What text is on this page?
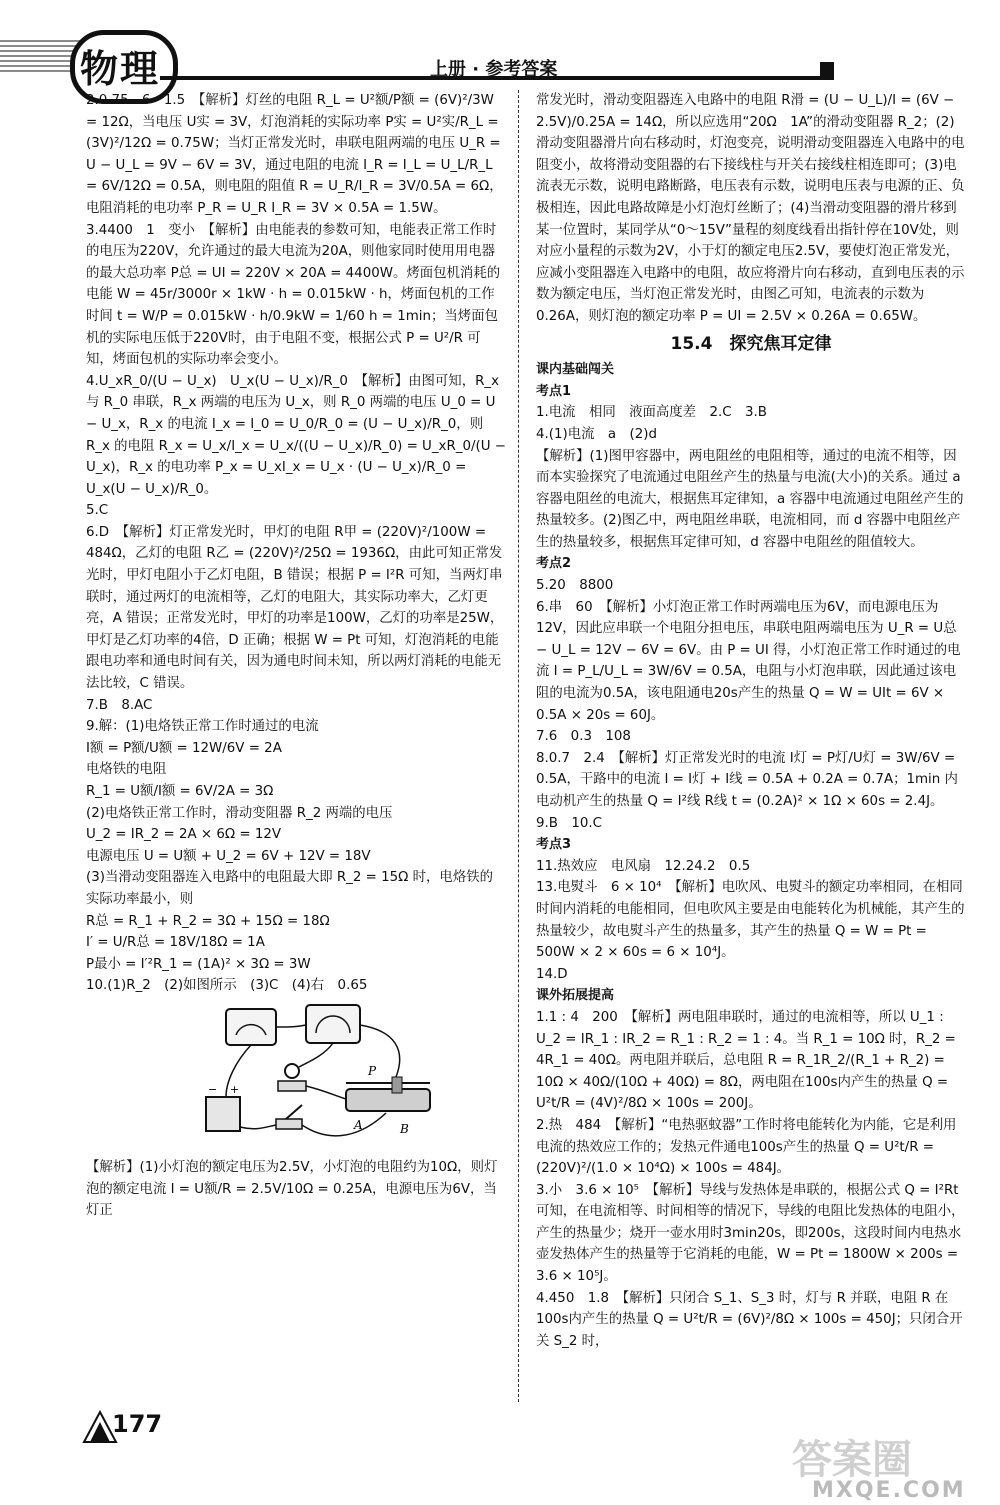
物理	上册 · 参考答案

2.0.75　6　1.5　【解析】灯丝的电阻 R_L = U²额/P额 = (6V)²/3W = 12Ω，当电压 U实 = 3V，灯泡消耗的实际功率 P实 = U²实/R_L = (3V)²/12Ω = 0.75W；当灯正常发光时，串联电阻两端的电压 U_R = U − U_L = 9V − 6V = 3V，通过电阻的电流 I_R = I_L = U_L/R_L = 6V/12Ω = 0.5A，则电阻的阻值 R = U_R/I_R = 3V/0.5A = 6Ω，电阻消耗的电功率 P_R = U_R I_R = 3V × 0.5A = 1.5W。

3.4400　1　变小　【解析】由电能表的参数可知，电能表正常工作时的电压为220V，允许通过的最大电流为20A，则他家同时使用用电器的最大总功率 P总 = UI = 220V × 20A = 4400W。烤面包机消耗的电能 W = 45r/3000r × 1kW · h = 0.015kW · h，烤面包机的工作时间 t = W/P = 0.015kW · h/0.9kW = 1/60 h = 1min；当烤面包机的实际电压低于220V时，由于电阻不变，根据公式 P = U²/R 可知，烤面包机的实际功率会变小。

4.U_xR_0/(U − U_x)　U_x(U − U_x)/R_0　【解析】由图可知，R_x 与 R_0 串联，R_x 两端的电压为 U_x，则 R_0 两端的电压 U_0 = U − U_x，R_x 的电流 I_x = I_0 = U_0/R_0 = (U − U_x)/R_0，则 R_x 的电阻 R_x = U_x/I_x = U_x/((U − U_x)/R_0) = U_xR_0/(U − U_x)，R_x 的电功率 P_x = U_xI_x = U_x · (U − U_x)/R_0 = U_x(U − U_x)/R_0。

5.C

6.D　【解析】灯正常发光时，甲灯的电阻 R甲 = (220V)²/100W = 484Ω，乙灯的电阻 R乙 = (220V)²/25Ω = 1936Ω，由此可知正常发光时，甲灯电阻小于乙灯电阻，B 错误；根据 P = I²R 可知，当两灯串联时，通过两灯的电流相等，乙灯的电阻大，其实际功率大，乙灯更亮，A 错误；正常发光时，甲灯的功率是100W，乙灯的功率是25W，甲灯是乙灯功率的4倍，D 正确；根据 W = Pt 可知，灯泡消耗的电能跟电功率和通电时间有关，因为通电时间未知，所以两灯消耗的电能无法比较，C 错误。

7.B　8.AC

9.解：(1)电烙铁正常工作时通过的电流

I额 = P额/U额 = 12W/6V = 2A

电烙铁的电阻

R_1 = U额/I额 = 6V/2A = 3Ω

(2)电烙铁正常工作时，滑动变阻器 R_2 两端的电压

U_2 = IR_2 = 2A × 6Ω = 12V

电源电压 U = U额 + U_2 = 6V + 12V = 18V

(3)当滑动变阻器连入电路中的电阻最大即 R_2 = 15Ω 时，电烙铁的实际功率最小，则

R总 = R_1 + R_2 = 3Ω + 15Ω = 18Ω

I′ = U/R总 = 18V/18Ω = 1A

P最小 = I′²R_1 = (1A)² × 3Ω = 3W

10.(1)R_2　(2)如图所示　(3)C　(4)右　0.65

− +
P
A	B

【解析】(1)小灯泡的额定电压为2.5V，小灯泡的电阻约为10Ω，则灯泡的额定电流 I = U额/R = 2.5V/10Ω = 0.25A，电源电压为6V，当灯正

常发光时，滑动变阻器连入电路中的电阻 R滑 = (U − U_L)/I = (6V − 2.5V)/0.25A = 14Ω，所以应选用“20Ω　1A”的滑动变阻器 R_2；(2)滑动变阻器滑片向右移动时，灯泡变亮，说明滑动变阻器连入电路中的电阻变小，故将滑动变阻器的右下接线柱与开关右接线柱相连即可；(3)电流表无示数，说明电路断路，电压表有示数，说明电压表与电源的正、负极相连，因此电路故障是小灯泡灯丝断了；(4)当滑动变阻器的滑片移到某一位置时，某同学从“0～15V”量程的刻度线看出指针停在10V处，则对应小量程的示数为2V，小于灯的额定电压2.5V，要使灯泡正常发光，应减小变阻器连入电路中的电阻，故应将滑片向右移动，直到电压表的示数为额定电压，当灯泡正常发光时，由图乙可知，电流表的示数为0.26A，则灯泡的额定功率 P = UI = 2.5V × 0.26A = 0.65W。

15.4　探究焦耳定律
课内基础闯关
考点1

1.电流　相同　液面高度差　2.C　3.B

4.(1)电流　a　(2)d

【解析】(1)图甲容器中，两电阻丝的电阻相等，通过的电流不相等，因而本实验探究了电流通过电阻丝产生的热量与电流(大小)的关系。通过 a 容器电阻丝的电流大，根据焦耳定律知，a 容器中电流通过电阻丝产生的热量较多。(2)图乙中，两电阻丝串联，电流相同，而 d 容器中电阻丝产生的热量较多，根据焦耳定律可知，d 容器中电阻丝的阻值较大。

考点2

5.20　8800

6.串　60　【解析】小灯泡正常工作时两端电压为6V，而电源电压为12V，因此应串联一个电阻分担电压，串联电阻两端电压为 U_R = U总 − U_L = 12V − 6V = 6V。由 P = UI 得，小灯泡正常工作时通过的电流 I = P_L/U_L = 3W/6V = 0.5A，电阻与小灯泡串联，因此通过该电阻的电流为0.5A，该电阻通电20s产生的热量 Q = W = UIt = 6V × 0.5A × 20s = 60J。

7.6　0.3　108

8.0.7　2.4　【解析】灯正常发光时的电流 I灯 = P灯/U灯 = 3W/6V = 0.5A，干路中的电流 I = I灯 + I线 = 0.5A + 0.2A = 0.7A；1min 内电动机产生的热量 Q = I²线 R线 t = (0.2A)² × 1Ω × 60s = 2.4J。

9.B　10.C

考点3

11.热效应　电风扇　12.24.2　0.5

13.电熨斗　6 × 10⁴　【解析】电吹风、电熨斗的额定功率相同，在相同时间内消耗的电能相同，但电吹风主要是由电能转化为机械能，其产生的热量较少，故电熨斗产生的热量多，其产生的热量 Q = W = Pt = 500W × 2 × 60s = 6 × 10⁴J。

14.D

课外拓展提高

1.1 : 4　200　【解析】两电阻串联时，通过的电流相等，所以 U_1 : U_2 = IR_1 : IR_2 = R_1 : R_2 = 1 : 4。当 R_1 = 10Ω 时，R_2 = 4R_1 = 40Ω。两电阻并联后，总电阻 R = R_1R_2/(R_1 + R_2) = 10Ω × 40Ω/(10Ω + 40Ω) = 8Ω，两电阻在100s内产生的热量 Q = U²t/R = (4V)²/8Ω × 100s = 200J。

2.热　484　【解析】“电热驱蚊器”工作时将电能转化为内能，它是利用电流的热效应工作的；发热元件通电100s产生的热量 Q = U²t/R = (220V)²/(1.0 × 10⁴Ω) × 100s = 484J。

3.小　3.6 × 10⁵　【解析】导线与发热体是串联的，根据公式 Q = I²Rt 可知，在电流相等、时间相等的情况下，导线的电阻比发热体的电阻小，产生的热量少；烧开一壶水用时3min20s，即200s，这段时间内电热水壶发热体产生的热量等于它消耗的电能，W = Pt = 1800W × 200s = 3.6 × 10⁵J。

4.450　1.8　【解析】只闭合 S_1、S_3 时，灯与 R 并联，电阻 R 在100s内产生的热量 Q = U²t/R = (6V)²/8Ω × 100s = 450J；只闭合开关 S_2 时，

177
答案圈
MXQE.COM
